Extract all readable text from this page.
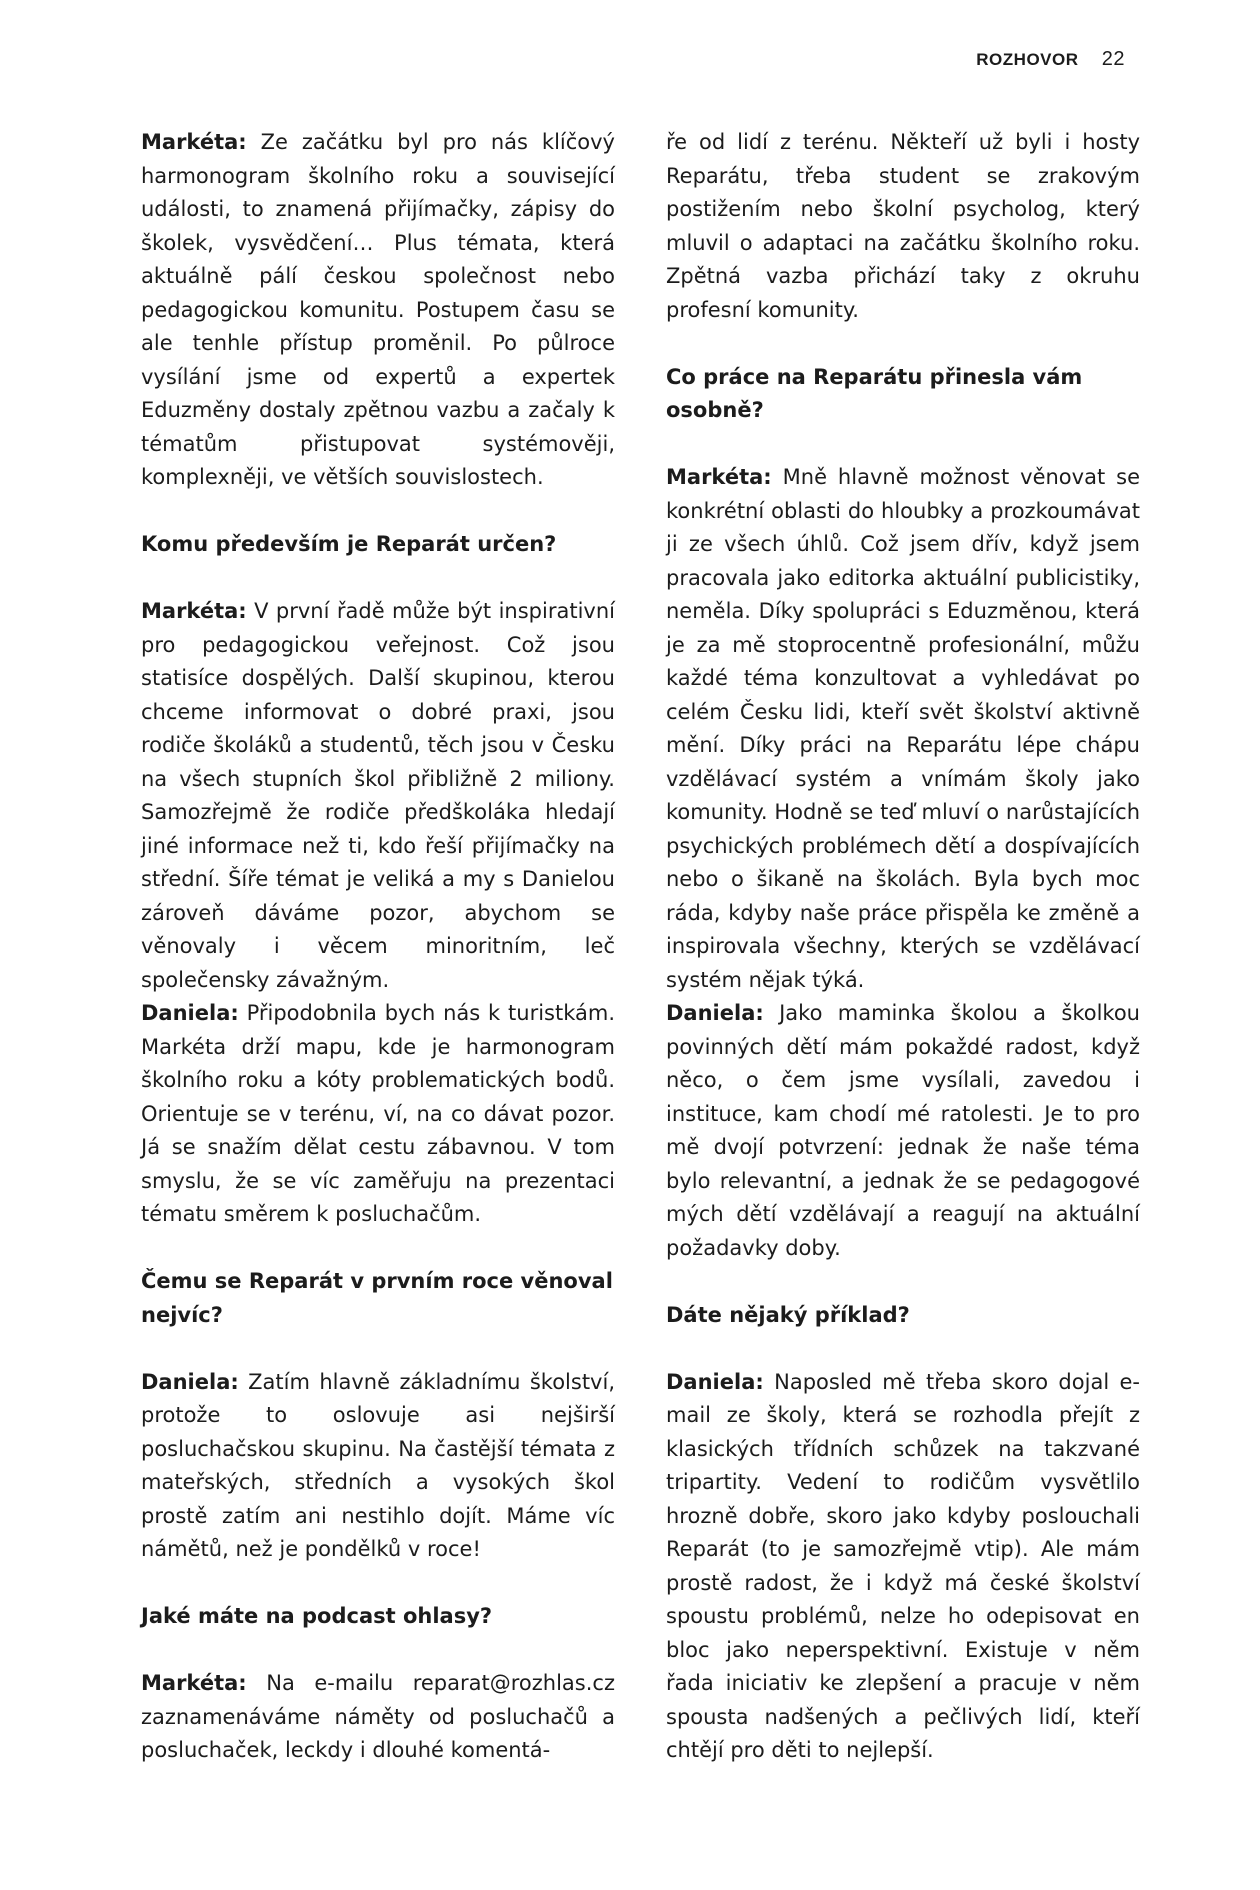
ROZHOVOR 22

Markéta: Ze začátku byl pro nás klíčový harmonogram školního roku a související události, to znamená přijímačky, zápisy do školek, vysvědčení… Plus témata, která aktuálně pálí českou společnost nebo pedagogickou komunitu. Postupem času se ale tenhle přístup proměnil. Po půlroce vysílání jsme od expertů a expertek Eduzměny dostaly zpětnou vazbu a začaly k tématům přistupovat systémověji, komplexněji, ve větších souvislostech.

Komu především je Reparát určen?

Markéta: V první řadě může být inspirativní pro pedagogickou veřejnost. Což jsou statisíce dospělých. Další skupinou, kterou chceme informovat o dobré praxi, jsou rodiče školáků a studentů, těch jsou v Česku na všech stupních škol přibližně 2 miliony. Samozřejmě že rodiče předškoláka hledají jiné informace než ti, kdo řeší přijímačky na střední. Šíře témat je veliká a my s Danielou zároveň dáváme pozor, abychom se věnovaly i věcem minoritním, leč společensky závažným.

Daniela: Připodobnila bych nás k turistkám. Markéta drží mapu, kde je harmonogram školního roku a kóty problematických bodů. Orientuje se v terénu, ví, na co dávat pozor. Já se snažím dělat cestu zábavnou. V tom smyslu, že se víc zaměřuju na prezentaci tématu směrem k posluchačům.

Čemu se Reparát v prvním roce věnoval nejvíc?

Daniela: Zatím hlavně základnímu školství, protože to oslovuje asi nejširší posluchačskou skupinu. Na častější témata z mateřských, středních a vysokých škol prostě zatím ani nestihlo dojít. Máme víc námětů, než je pondělků v roce!

Jaké máte na podcast ohlasy?

Markéta: Na e-mailu reparat@rozhlas.cz zaznamenáváme náměty od posluchačů a posluchaček, leckdy i dlouhé komentá-

ře od lidí z terénu. Někteří už byli i hosty Reparátu, třeba student se zrakovým postižením nebo školní psycholog, který mluvil o adaptaci na začátku školního roku. Zpětná vazba přichází taky z okruhu profesní komunity.

Co práce na Reparátu přinesla vám osobně?

Markéta: Mně hlavně možnost věnovat se konkrétní oblasti do hloubky a prozkoumávat ji ze všech úhlů. Což jsem dřív, když jsem pracovala jako editorka aktuální publicistiky, neměla. Díky spolupráci s Eduzměnou, která je za mě stoprocentně profesionální, můžu každé téma konzultovat a vyhledávat po celém Česku lidi, kteří svět školství aktivně mění. Díky práci na Reparátu lépe chápu vzdělávací systém a vnímám školy jako komunity. Hodně se teď mluví o narůstajících psychických problémech dětí a dospívajících nebo o šikaně na školách. Byla bych moc ráda, kdyby naše práce přispěla ke změně a inspirovala všechny, kterých se vzdělávací systém nějak týká.

Daniela: Jako maminka školou a školkou povinných dětí mám pokaždé radost, když něco, o čem jsme vysílali, zavedou i instituce, kam chodí mé ratolesti. Je to pro mě dvojí potvrzení: jednak že naše téma bylo relevantní, a jednak že se pedagogové mých dětí vzdělávají a reagují na aktuální požadavky doby.

Dáte nějaký příklad?

Daniela: Naposled mě třeba skoro dojal e-mail ze školy, která se rozhodla přejít z klasických třídních schůzek na takzvané tripartity. Vedení to rodičům vysvětlilo hrozně dobře, skoro jako kdyby poslouchali Reparát (to je samozřejmě vtip). Ale mám prostě radost, že i když má české školství spoustu problémů, nelze ho odepisovat en bloc jako neperspektivní. Existuje v něm řada iniciativ ke zlepšení a pracuje v něm spousta nadšených a pečlivých lidí, kteří chtějí pro děti to nejlepší.
